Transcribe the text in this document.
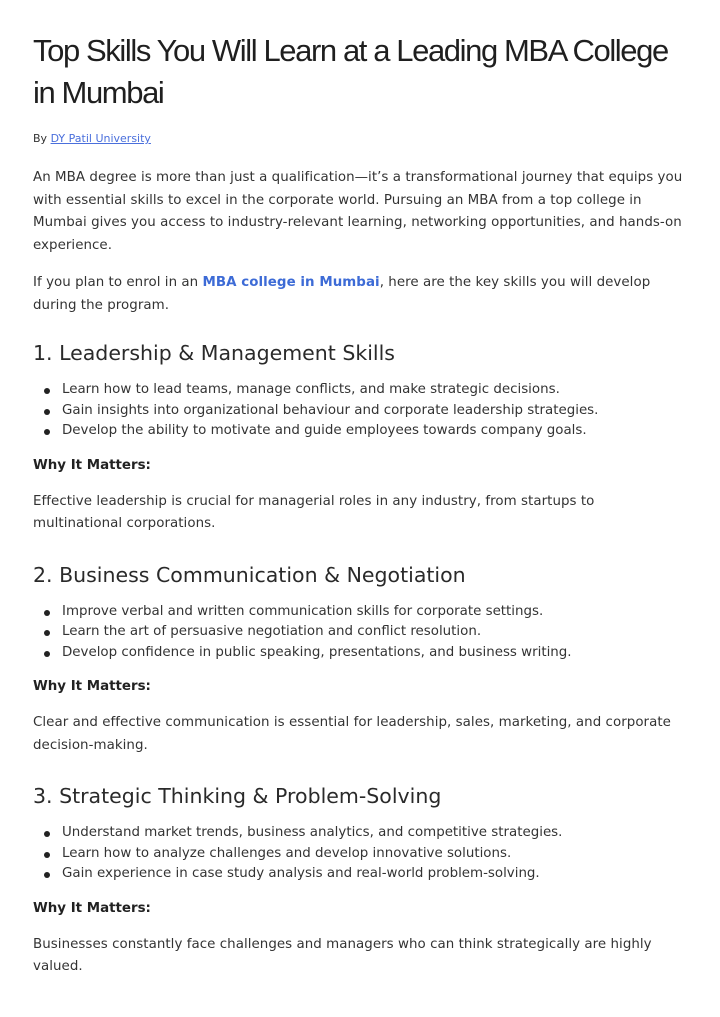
Top Skills You Will Learn at a Leading MBA College in Mumbai
By DY Patil University

An MBA degree is more than just a qualification—it’s a transformational journey that equips you with essential skills to excel in the corporate world. Pursuing an MBA from a top college in Mumbai gives you access to industry-relevant learning, networking opportunities, and hands-on experience.

If you plan to enrol in an MBA college in Mumbai, here are the key skills you will develop during the program.

1. Leadership & Management Skills
Learn how to lead teams, manage conflicts, and make strategic decisions.
Gain insights into organizational behaviour and corporate leadership strategies.
Develop the ability to motivate and guide employees towards company goals.
Why It Matters:

Effective leadership is crucial for managerial roles in any industry, from startups to multinational corporations.

2. Business Communication & Negotiation
Improve verbal and written communication skills for corporate settings.
Learn the art of persuasive negotiation and conflict resolution.
Develop confidence in public speaking, presentations, and business writing.
Why It Matters:

Clear and effective communication is essential for leadership, sales, marketing, and corporate decision-making.

3. Strategic Thinking & Problem-Solving
Understand market trends, business analytics, and competitive strategies.
Learn how to analyze challenges and develop innovative solutions.
Gain experience in case study analysis and real-world problem-solving.
Why It Matters:

Businesses constantly face challenges and managers who can think strategically are highly valued.
